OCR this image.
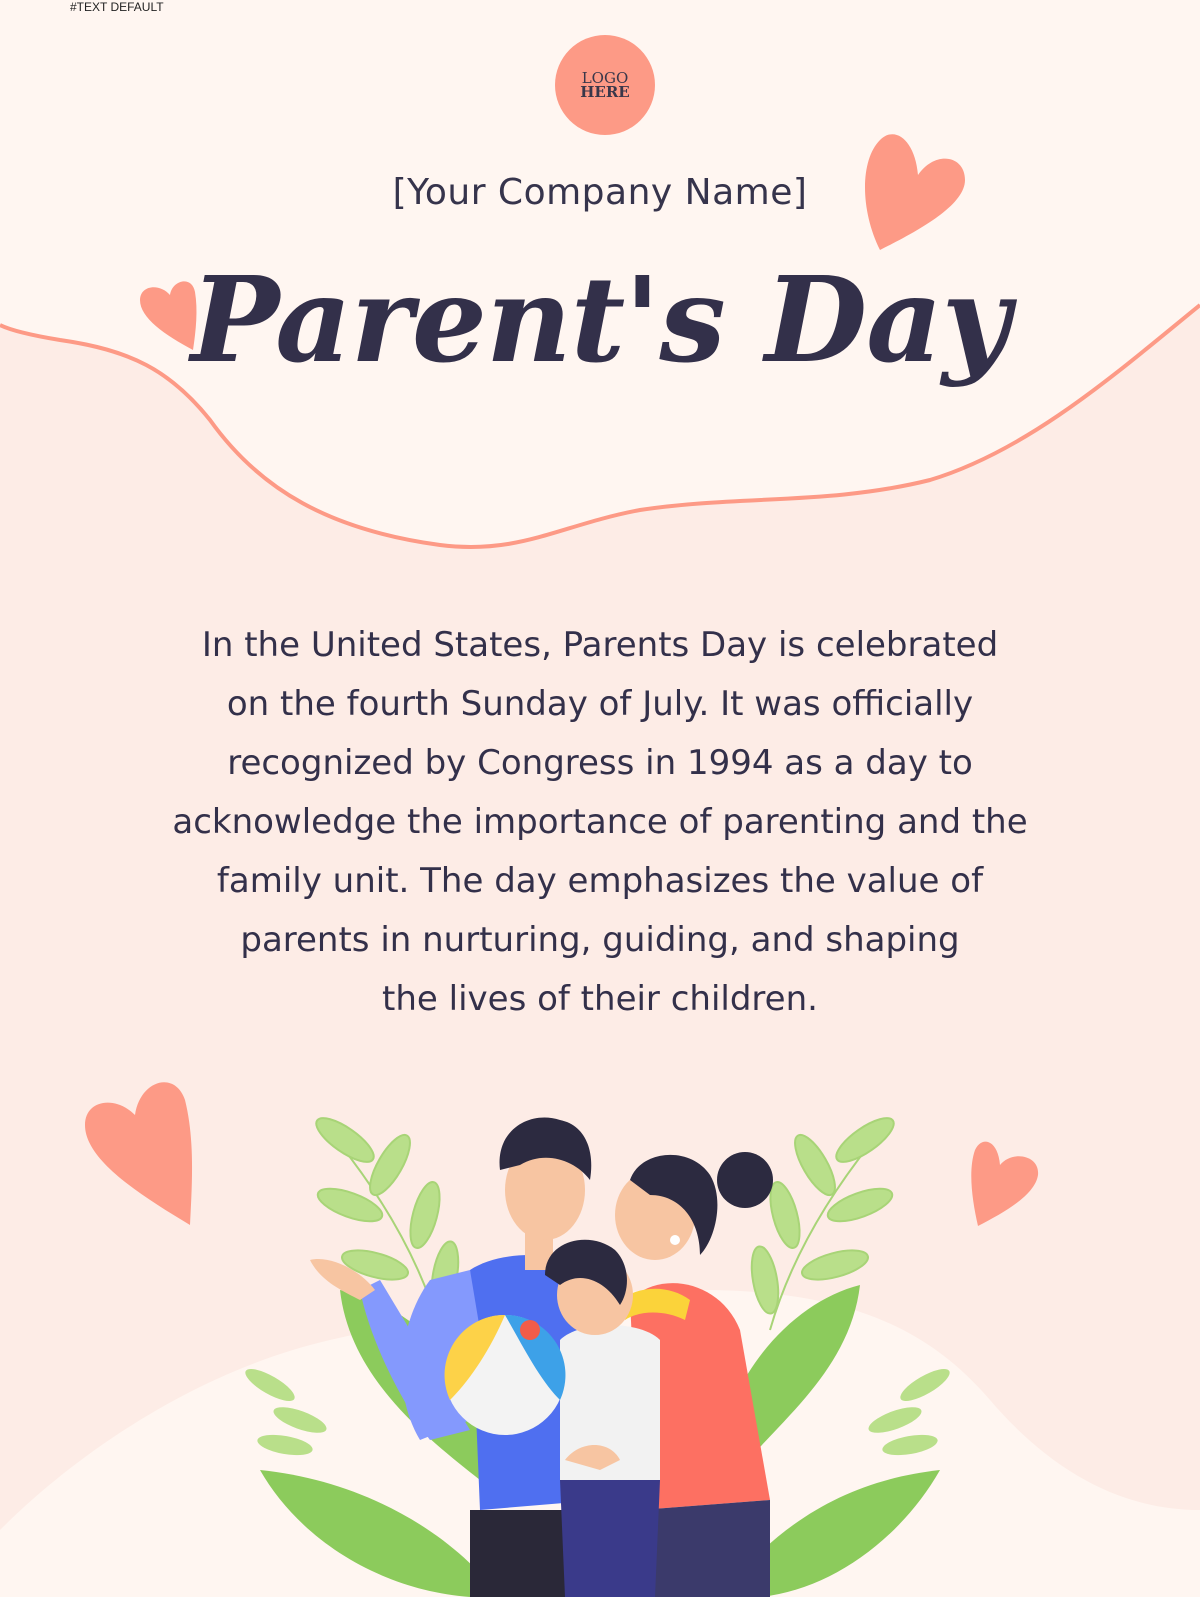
#TEXT DEFAULT
LOGO
HERE
[Your Company Name]
Parent's Day
In the United States, Parents Day is celebrated
on the fourth Sunday of July. It was officially
recognized by Congress in 1994 as a day to
acknowledge the importance of parenting and the
family unit. The day emphasizes the value of
parents in nurturing, guiding, and shaping
the lives of their children.
